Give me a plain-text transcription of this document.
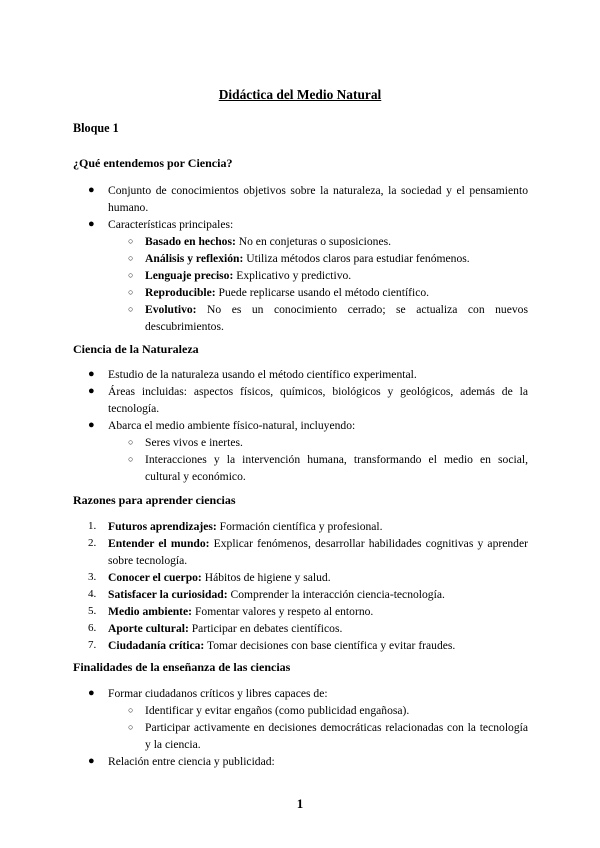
Didáctica del Medio Natural
Bloque 1
¿Qué entendemos por Ciencia?
● Conjunto de conocimientos objetivos sobre la naturaleza, la sociedad y el pensamiento humano.
● Características principales:
○ Basado en hechos: No en conjeturas o suposiciones.
○ Análisis y reflexión: Utiliza métodos claros para estudiar fenómenos.
○ Lenguaje preciso: Explicativo y predictivo.
○ Reproducible: Puede replicarse usando el método científico.
○ Evolutivo: No es un conocimiento cerrado; se actualiza con nuevos descubrimientos.
Ciencia de la Naturaleza
● Estudio de la naturaleza usando el método científico experimental.
● Áreas incluidas: aspectos físicos, químicos, biológicos y geológicos, además de la tecnología.
● Abarca el medio ambiente físico-natural, incluyendo:
○ Seres vivos e inertes.
○ Interacciones y la intervención humana, transformando el medio en social, cultural y económico.
Razones para aprender ciencias
1. Futuros aprendizajes: Formación científica y profesional.
2. Entender el mundo: Explicar fenómenos, desarrollar habilidades cognitivas y aprender sobre tecnología.
3. Conocer el cuerpo: Hábitos de higiene y salud.
4. Satisfacer la curiosidad: Comprender la interacción ciencia-tecnología.
5. Medio ambiente: Fomentar valores y respeto al entorno.
6. Aporte cultural: Participar en debates científicos.
7. Ciudadanía crítica: Tomar decisiones con base científica y evitar fraudes.
Finalidades de la enseñanza de las ciencias
● Formar ciudadanos críticos y libres capaces de:
○ Identificar y evitar engaños (como publicidad engañosa).
○ Participar activamente en decisiones democráticas relacionadas con la tecnología y la ciencia.
● Relación entre ciencia y publicidad:
1
